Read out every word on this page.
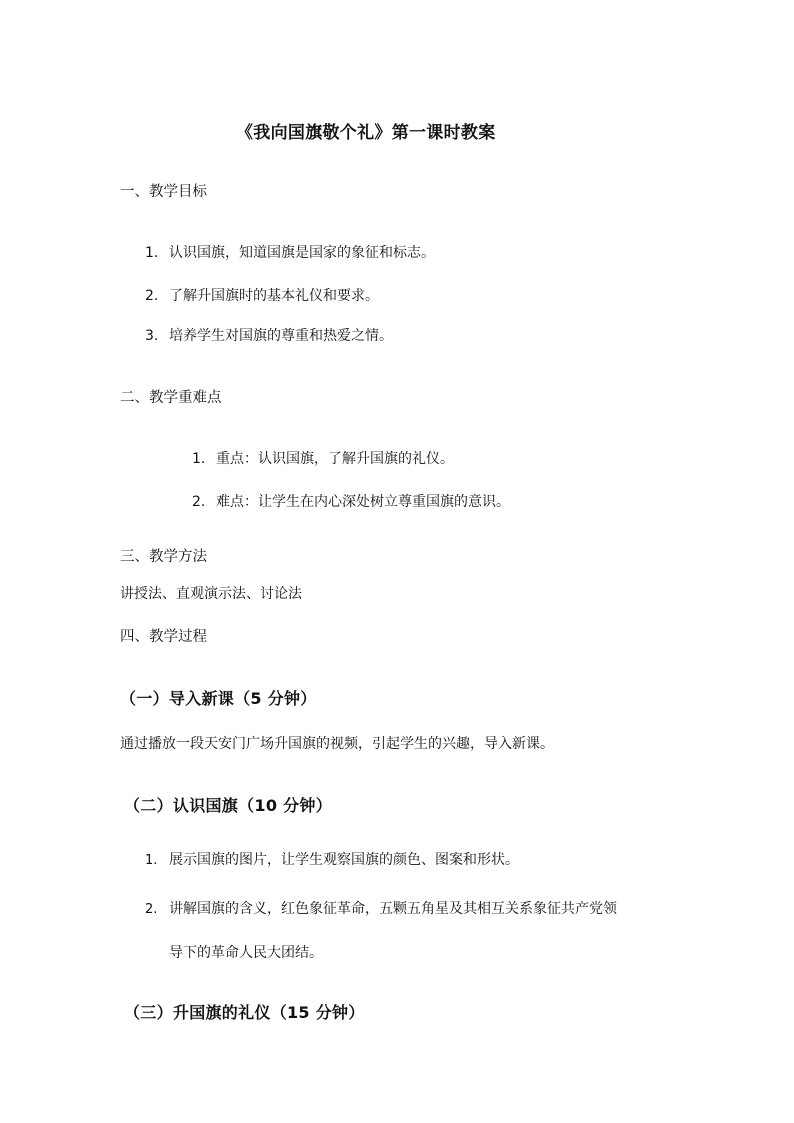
《我向国旗敬个礼》第一课时教案
一、教学目标
1. 认识国旗，知道国旗是国家的象征和标志。
2. 了解升国旗时的基本礼仪和要求。
3. 培养学生对国旗的尊重和热爱之情。
二、教学重难点
1. 重点：认识国旗，了解升国旗的礼仪。
2. 难点：让学生在内心深处树立尊重国旗的意识。
三、教学方法
讲授法、直观演示法、讨论法
四、教学过程
（一）导入新课（5 分钟）
通过播放一段天安门广场升国旗的视频，引起学生的兴趣，导入新课。
（二）认识国旗（10 分钟）
1. 展示国旗的图片，让学生观察国旗的颜色、图案和形状。
2. 讲解国旗的含义，红色象征革命，五颗五角星及其相互关系象征共产党领
导下的革命人民大团结。
（三）升国旗的礼仪（15 分钟）
